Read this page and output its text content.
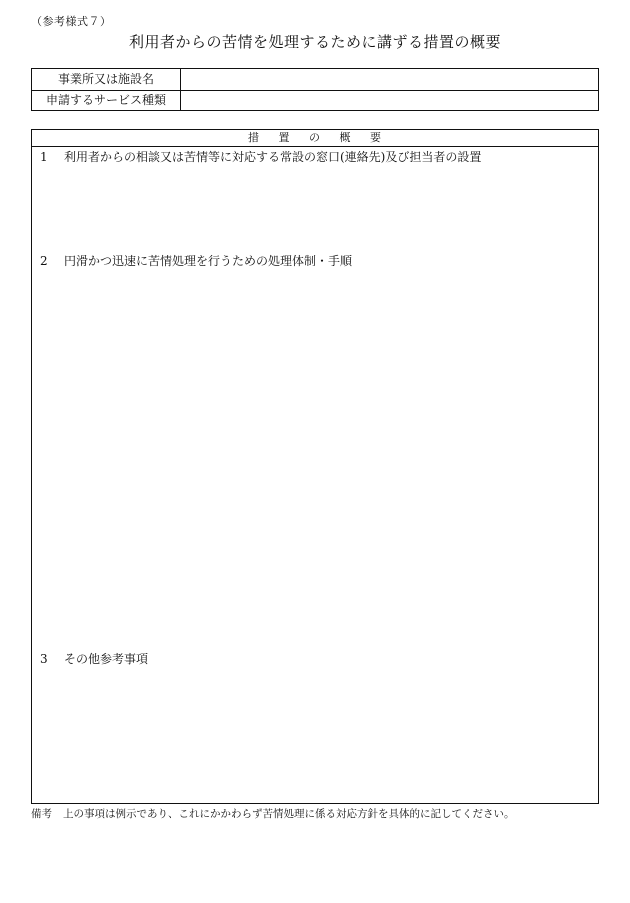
（参考様式７）
利用者からの苦情を処理するために講ずる措置の概要
事業所又は施設名
申請するサービス種類
措 置 の 概 要
1 利用者からの相談又は苦情等に対応する常設の窓口(連絡先)及び担当者の設置
2 円滑かつ迅速に苦情処理を行うための処理体制・手順
3 その他参考事項
備考 上の事項は例示であり、これにかかわらず苦情処理に係る対応方針を具体的に記してください。
